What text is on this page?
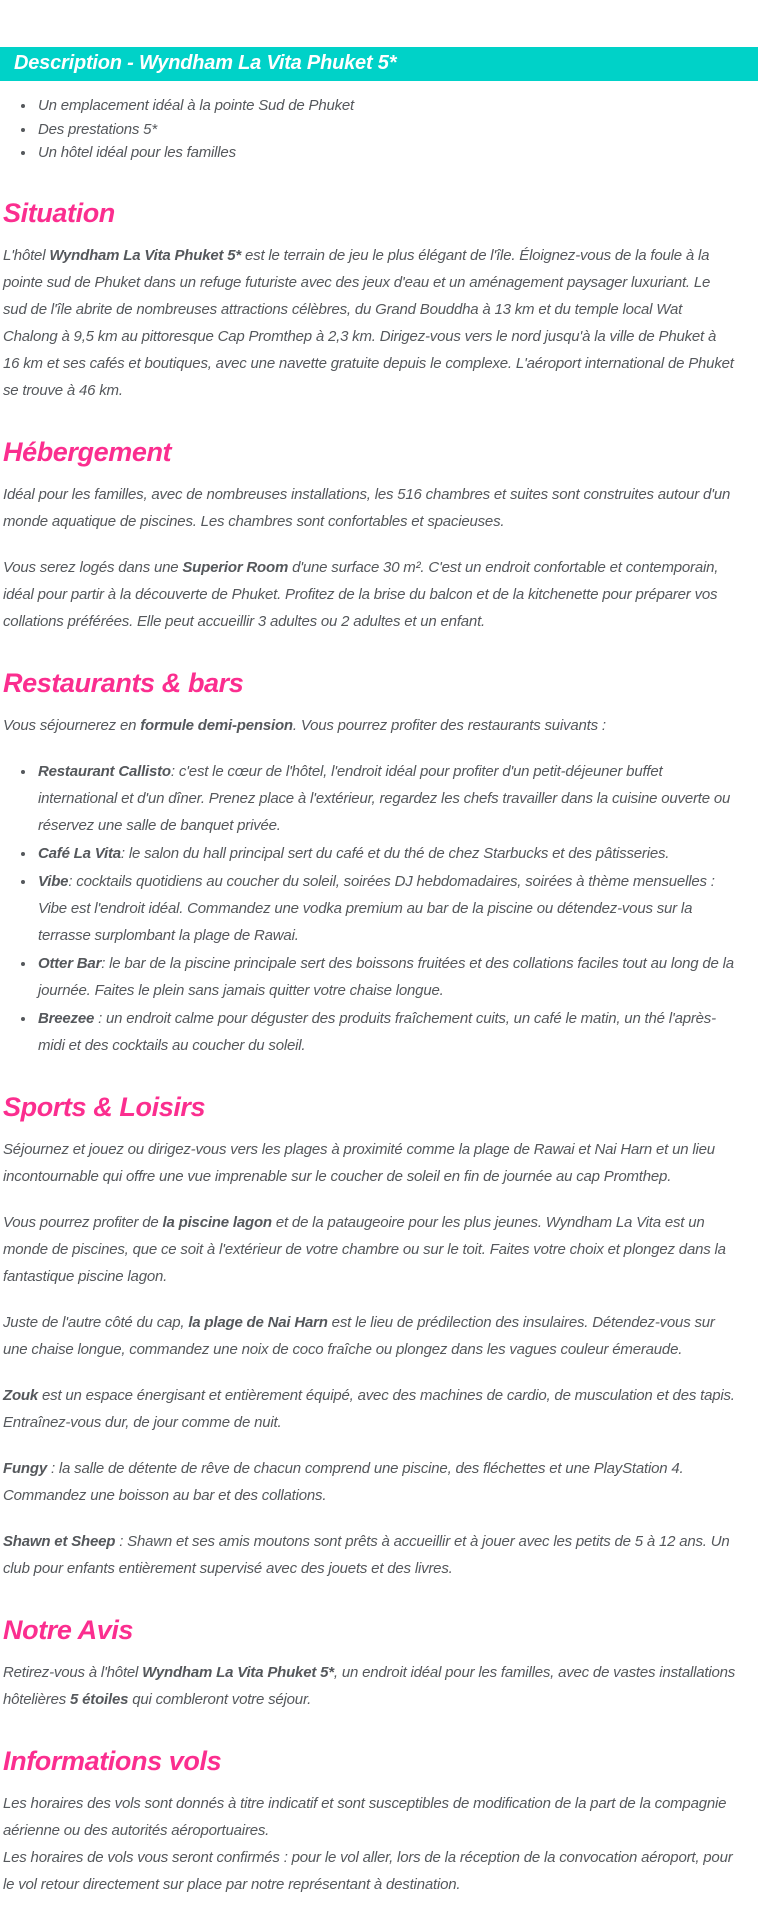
Description - Wyndham La Vita Phuket 5*
• Un emplacement idéal à la pointe Sud de Phuket
• Des prestations 5*
• Un hôtel idéal pour les familles
Situation

L'hôtel Wyndham La Vita Phuket 5* est le terrain de jeu le plus élégant de l'île. Éloignez-vous de la foule à la pointe sud de Phuket dans un refuge futuriste avec des jeux d'eau et un aménagement paysager luxuriant. Le sud de l'île abrite de nombreuses attractions célèbres, du Grand Bouddha à 13 km et du temple local Wat Chalong à 9,5 km au pittoresque Cap Promthep à 2,3 km. Dirigez-vous vers le nord jusqu'à la ville de Phuket à 16 km et ses cafés et boutiques, avec une navette gratuite depuis le complexe. L'aéroport international de Phuket se trouve à 46 km.

Hébergement

Idéal pour les familles, avec de nombreuses installations, les 516 chambres et suites sont construites autour d'un monde aquatique de piscines. Les chambres sont confortables et spacieuses.

Vous serez logés dans une Superior Room d'une surface 30 m². C'est un endroit confortable et contemporain, idéal pour partir à la découverte de Phuket. Profitez de la brise du balcon et de la kitchenette pour préparer vos collations préférées. Elle peut accueillir 3 adultes ou 2 adultes et un enfant.

Restaurants & bars

Vous séjournerez en formule demi-pension. Vous pourrez profiter des restaurants suivants :

• Restaurant Callisto: c'est le cœur de l'hôtel, l'endroit idéal pour profiter d'un petit-déjeuner buffet international et d'un dîner. Prenez place à l'extérieur, regardez les chefs travailler dans la cuisine ouverte ou réservez une salle de banquet privée.
• Café La Vita: le salon du hall principal sert du café et du thé de chez Starbucks et des pâtisseries.
• Vibe: cocktails quotidiens au coucher du soleil, soirées DJ hebdomadaires, soirées à thème mensuelles : Vibe est l'endroit idéal. Commandez une vodka premium au bar de la piscine ou détendez-vous sur la terrasse surplombant la plage de Rawai.
• Otter Bar: le bar de la piscine principale sert des boissons fruitées et des collations faciles tout au long de la journée. Faites le plein sans jamais quitter votre chaise longue.
• Breezee : un endroit calme pour déguster des produits fraîchement cuits, un café le matin, un thé l'après-midi et des cocktails au coucher du soleil.
Sports & Loisirs

Séjournez et jouez ou dirigez-vous vers les plages à proximité comme la plage de Rawai et Nai Harn et un lieu incontournable qui offre une vue imprenable sur le coucher de soleil en fin de journée au cap Promthep.

Vous pourrez profiter de la piscine lagon et de la pataugeoire pour les plus jeunes. Wyndham La Vita est un monde de piscines, que ce soit à l'extérieur de votre chambre ou sur le toit. Faites votre choix et plongez dans la fantastique piscine lagon.

Juste de l'autre côté du cap, la plage de Nai Harn est le lieu de prédilection des insulaires. Détendez-vous sur une chaise longue, commandez une noix de coco fraîche ou plongez dans les vagues couleur émeraude.

Zouk est un espace énergisant et entièrement équipé, avec des machines de cardio, de musculation et des tapis. Entraînez-vous dur, de jour comme de nuit.

Fungy : la salle de détente de rêve de chacun comprend une piscine, des fléchettes et une PlayStation 4. Commandez une boisson au bar et des collations.

Shawn et Sheep : Shawn et ses amis moutons sont prêts à accueillir et à jouer avec les petits de 5 à 12 ans. Un club pour enfants entièrement supervisé avec des jouets et des livres.

Notre Avis

Retirez-vous à l'hôtel Wyndham La Vita Phuket 5*, un endroit idéal pour les familles, avec de vastes installations hôtelières 5 étoiles qui combleront votre séjour.

Informations vols

Les horaires des vols sont donnés à titre indicatif et sont susceptibles de modification de la part de la compagnie aérienne ou des autorités aéroportuaires.

Les horaires de vols vous seront confirmés : pour le vol aller, lors de la réception de la convocation aéroport, pour le vol retour directement sur place par notre représentant à destination.
